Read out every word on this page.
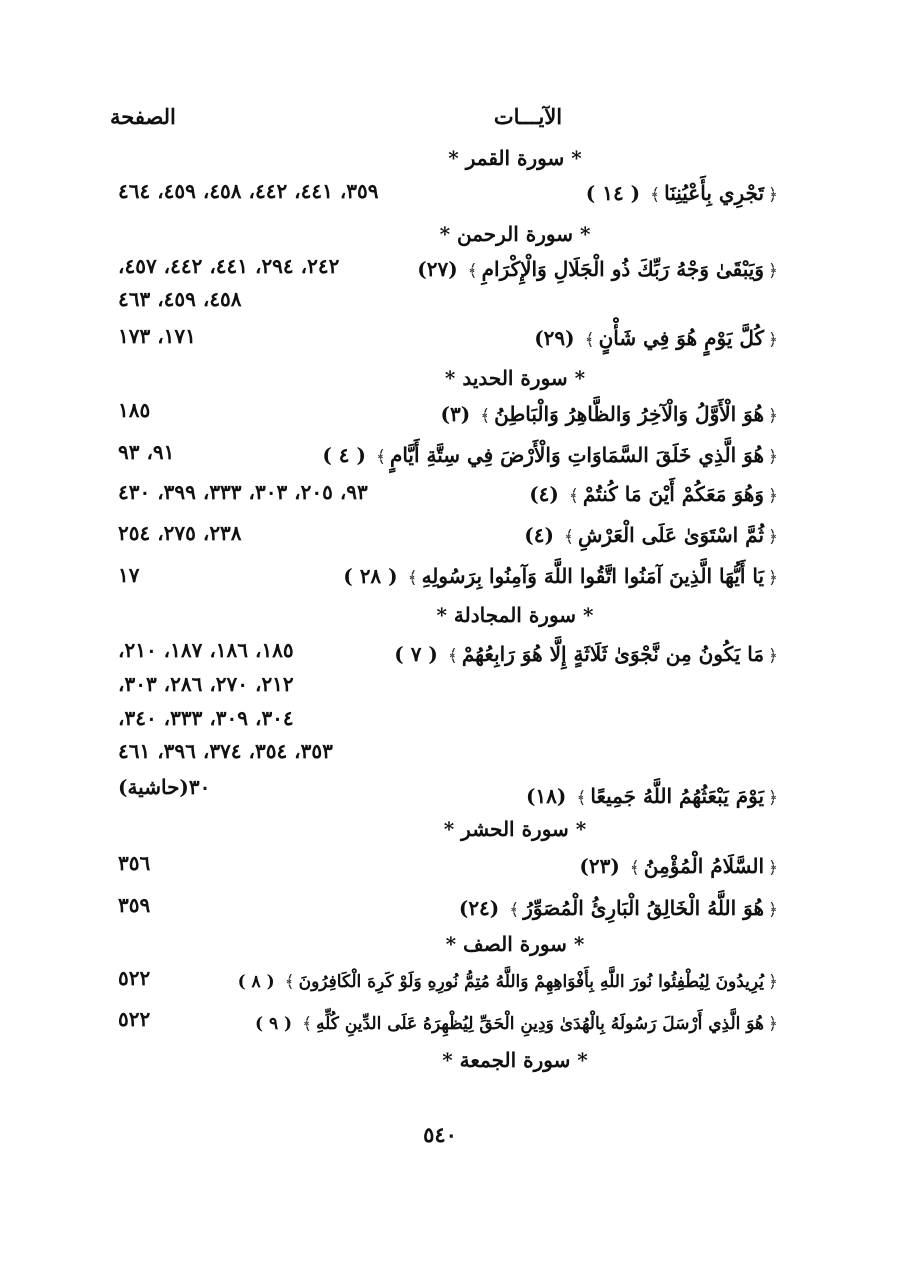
الآيـــات
الصفحة
* سورة القمر *
﴿تَجْرِي بِأَعْيُنِنَا﴾( ١٤ )
٣٥٩، ٤٤١، ٤٤٢، ٤٥٨، ٤٥٩، ٤٦٤
* سورة الرحمن *
﴿وَيَبْقَىٰ وَجْهُ رَبِّكَ ذُو الْجَلَالِ وَالْإِكْرَامِ﴾(٢٧)
٢٤٢، ٢٩٤، ٤٤١، ٤٤٢، ٤٥٧،
٤٥٨، ٤٥٩، ٤٦٣
﴿كُلَّ يَوْمٍ هُوَ فِي شَأْنٍ﴾(٢٩)
١٧١، ١٧٣
* سورة الحديد *
﴿هُوَ الْأَوَّلُ وَالْآخِرُ وَالظَّاهِرُ وَالْبَاطِنُ﴾(٣)
١٨٥
﴿هُوَ الَّذِي خَلَقَ السَّمَاوَاتِ وَالْأَرْضَ فِي سِتَّةِ أَيَّامٍ﴾( ٤ )
٩١، ٩٣
﴿وَهُوَ مَعَكُمْ أَيْنَ مَا كُنتُمْ﴾(٤)
٩٣، ٢٠٥، ٣٠٣، ٣٣٣، ٣٩٩، ٤٣٠
﴿ثُمَّ اسْتَوَىٰ عَلَى الْعَرْشِ﴾(٤)
٢٣٨، ٢٧٥، ٢٥٤
﴿يَا أَيُّهَا الَّذِينَ آمَنُوا اتَّقُوا اللَّهَ وَآمِنُوا بِرَسُولِهِ﴾( ٢٨ )
١٧
* سورة المجادلة *
﴿مَا يَكُونُ مِن نَّجْوَىٰ ثَلَاثَةٍ إِلَّا هُوَ رَابِعُهُمْ﴾( ٧ )
١٨٥، ١٨٦، ١٨٧، ٢١٠،
٢١٢، ٢٧٠، ٢٨٦، ٣٠٣،
٣٠٤، ٣٠٩، ٣٣٣، ٣٤٠،
٣٥٣، ٣٥٤، ٣٧٤، ٣٩٦، ٤٦١
٣٠(حاشية)	﴿يَوْمَ يَبْعَثُهُمُ اللَّهُ جَمِيعًا﴾(١٨)
* سورة الحشر *
﴿السَّلَامُ الْمُؤْمِنُ﴾(٢٣)
٣٥٦
﴿هُوَ اللَّهُ الْخَالِقُ الْبَارِئُ الْمُصَوِّرُ﴾(٢٤)
٣٥٩
* سورة الصف *
﴿يُرِيدُونَ لِيُطْفِئُوا نُورَ اللَّهِ بِأَفْوَاهِهِمْ وَاللَّهُ مُتِمُّ نُورِهِ وَلَوْ كَرِهَ الْكَافِرُونَ﴾( ٨ )
٥٢٢
﴿هُوَ الَّذِي أَرْسَلَ رَسُولَهُ بِالْهُدَىٰ وَدِينِ الْحَقِّ لِيُظْهِرَهُ عَلَى الدِّينِ كُلِّهِ﴾( ٩ )
٥٢٢
* سورة الجمعة *
٥٤٠
